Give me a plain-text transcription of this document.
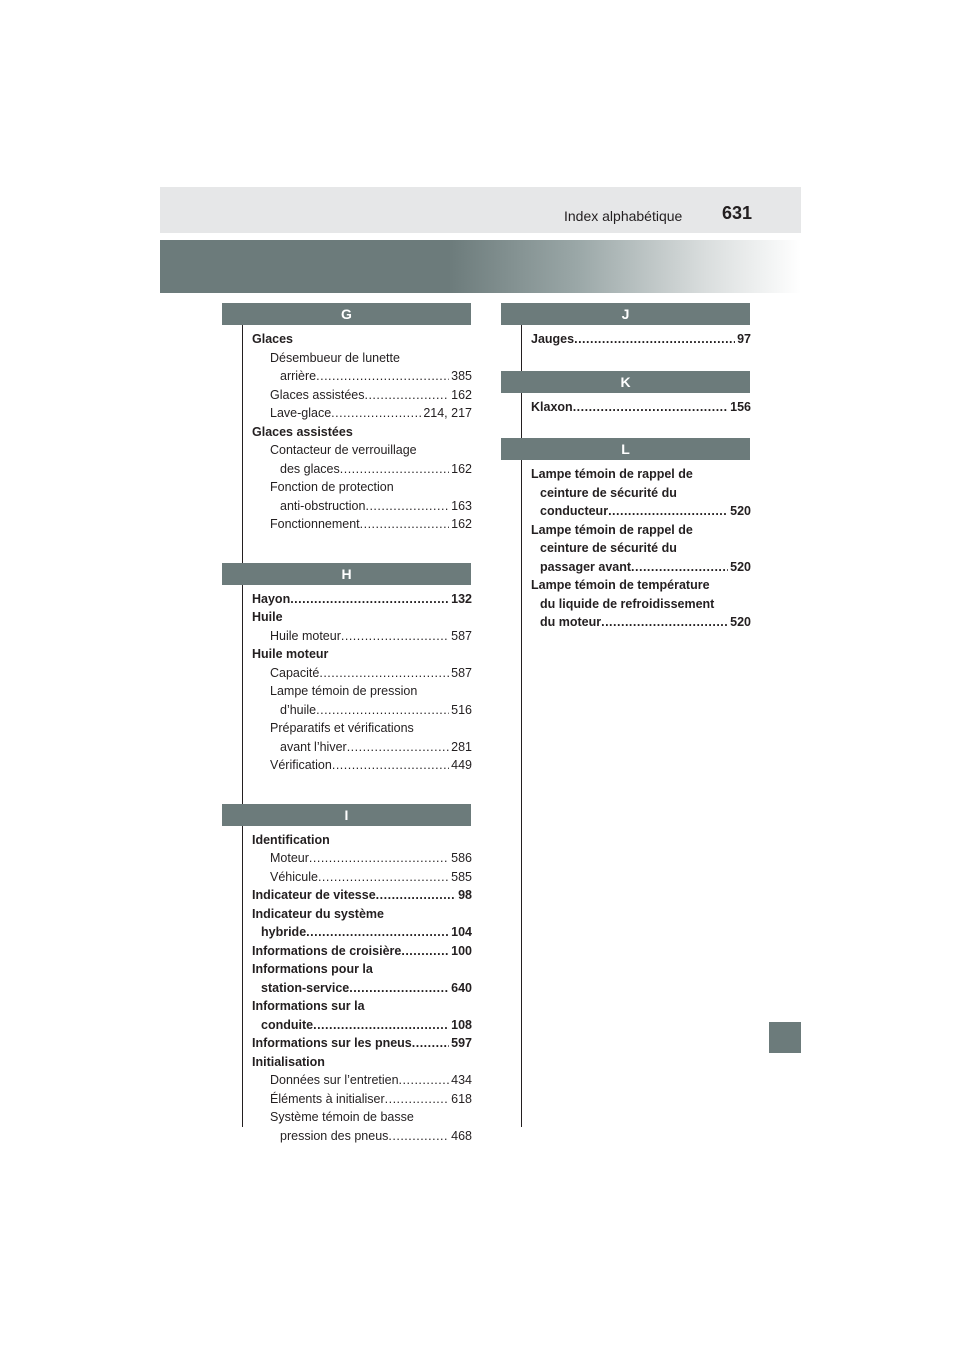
Index alphabétique 631
G
Glaces
Désembueur de lunette
arrière .....	385
Glaces assistées .....	162
Lave-glace .....	214, 217
Glaces assistées
Contacteur de verrouillage
des glaces .....	162
Fonction de protection
anti-obstruction .....	163
Fonctionnement .....	162
H
Hayon .....	132
Huile
Huile moteur .....	587
Huile moteur
Capacité .....	587
Lampe témoin de pression
d’huile .....	516
Préparatifs et vérifications
avant l’hiver .....	281
Vérification .....	449
I
Identification
Moteur .....	586
Véhicule .....	585
Indicateur de vitesse .....	98
Indicateur du système
hybride .....	104
Informations de croisière .....	100
Informations pour la
station-service .....	640
Informations sur la
conduite .....	108
Informations sur les pneus .....	597
Initialisation
Données sur l’entretien .....	434
Éléments à initialiser .....	618
Système témoin de basse
pression des pneus .....	468
J
Jauges .....	97
K
Klaxon .....	156
L
Lampe témoin de rappel de
ceinture de sécurité du
conducteur .....	520
Lampe témoin de rappel de
ceinture de sécurité du
passager avant .....	520
Lampe témoin de température
du liquide de refroidissement
du moteur .....	520
